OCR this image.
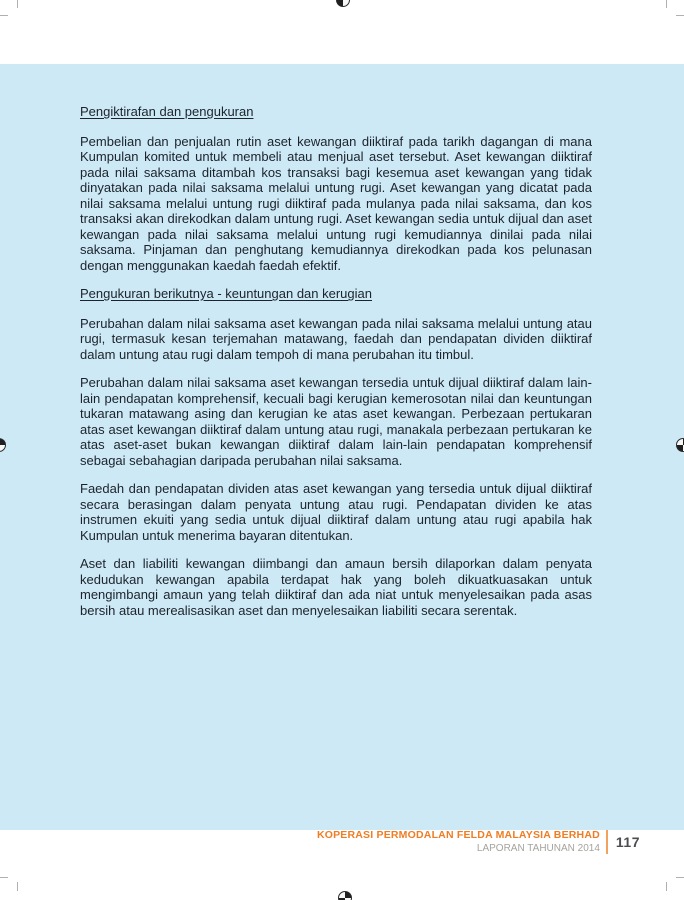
Pengiktirafan dan pengukuran

Pembelian dan penjualan rutin aset kewangan diiktiraf pada tarikh dagangan di mana Kumpulan komited untuk membeli atau menjual aset tersebut. Aset kewangan diiktiraf pada nilai saksama ditambah kos transaksi bagi kesemua aset kewangan yang tidak dinyatakan pada nilai saksama melalui untung rugi. Aset kewangan yang dicatat pada nilai saksama melalui untung rugi diiktiraf pada mulanya pada nilai saksama, dan kos transaksi akan direkodkan dalam untung rugi. Aset kewangan sedia untuk dijual dan aset kewangan pada nilai saksama melalui untung rugi kemudiannya dinilai pada nilai saksama. Pinjaman dan penghutang kemudiannya direkodkan pada kos pelunasan dengan menggunakan kaedah faedah efektif.

Pengukuran berikutnya - keuntungan dan kerugian

Perubahan dalam nilai saksama aset kewangan pada nilai saksama melalui untung atau rugi, termasuk kesan terjemahan matawang, faedah dan pendapatan dividen diiktiraf dalam untung atau rugi dalam tempoh di mana perubahan itu timbul.

Perubahan dalam nilai saksama aset kewangan tersedia untuk dijual diiktiraf dalam lain-lain pendapatan komprehensif, kecuali bagi kerugian kemerosotan nilai dan keuntungan tukaran matawang asing dan kerugian ke atas aset kewangan. Perbezaan pertukaran atas aset kewangan diiktiraf dalam untung atau rugi, manakala perbezaan pertukaran ke atas aset-aset bukan kewangan diiktiraf dalam lain-lain pendapatan komprehensif sebagai sebahagian daripada perubahan nilai saksama.

Faedah dan pendapatan dividen atas aset kewangan yang tersedia untuk dijual diiktiraf secara berasingan dalam penyata untung atau rugi. Pendapatan dividen ke atas instrumen ekuiti yang sedia untuk dijual diiktiraf dalam untung atau rugi apabila hak Kumpulan untuk menerima bayaran ditentukan.

Aset dan liabiliti kewangan diimbangi dan amaun bersih dilaporkan dalam penyata kedudukan kewangan apabila terdapat hak yang boleh dikuatkuasakan untuk mengimbangi amaun yang telah diiktiraf dan ada niat untuk menyelesaikan pada asas bersih atau merealisasikan aset dan menyelesaikan liabiliti secara serentak.

KOPERASI PERMODALAN FELDA MALAYSIA BERHAD
LAPORAN TAHUNAN 2014 117
